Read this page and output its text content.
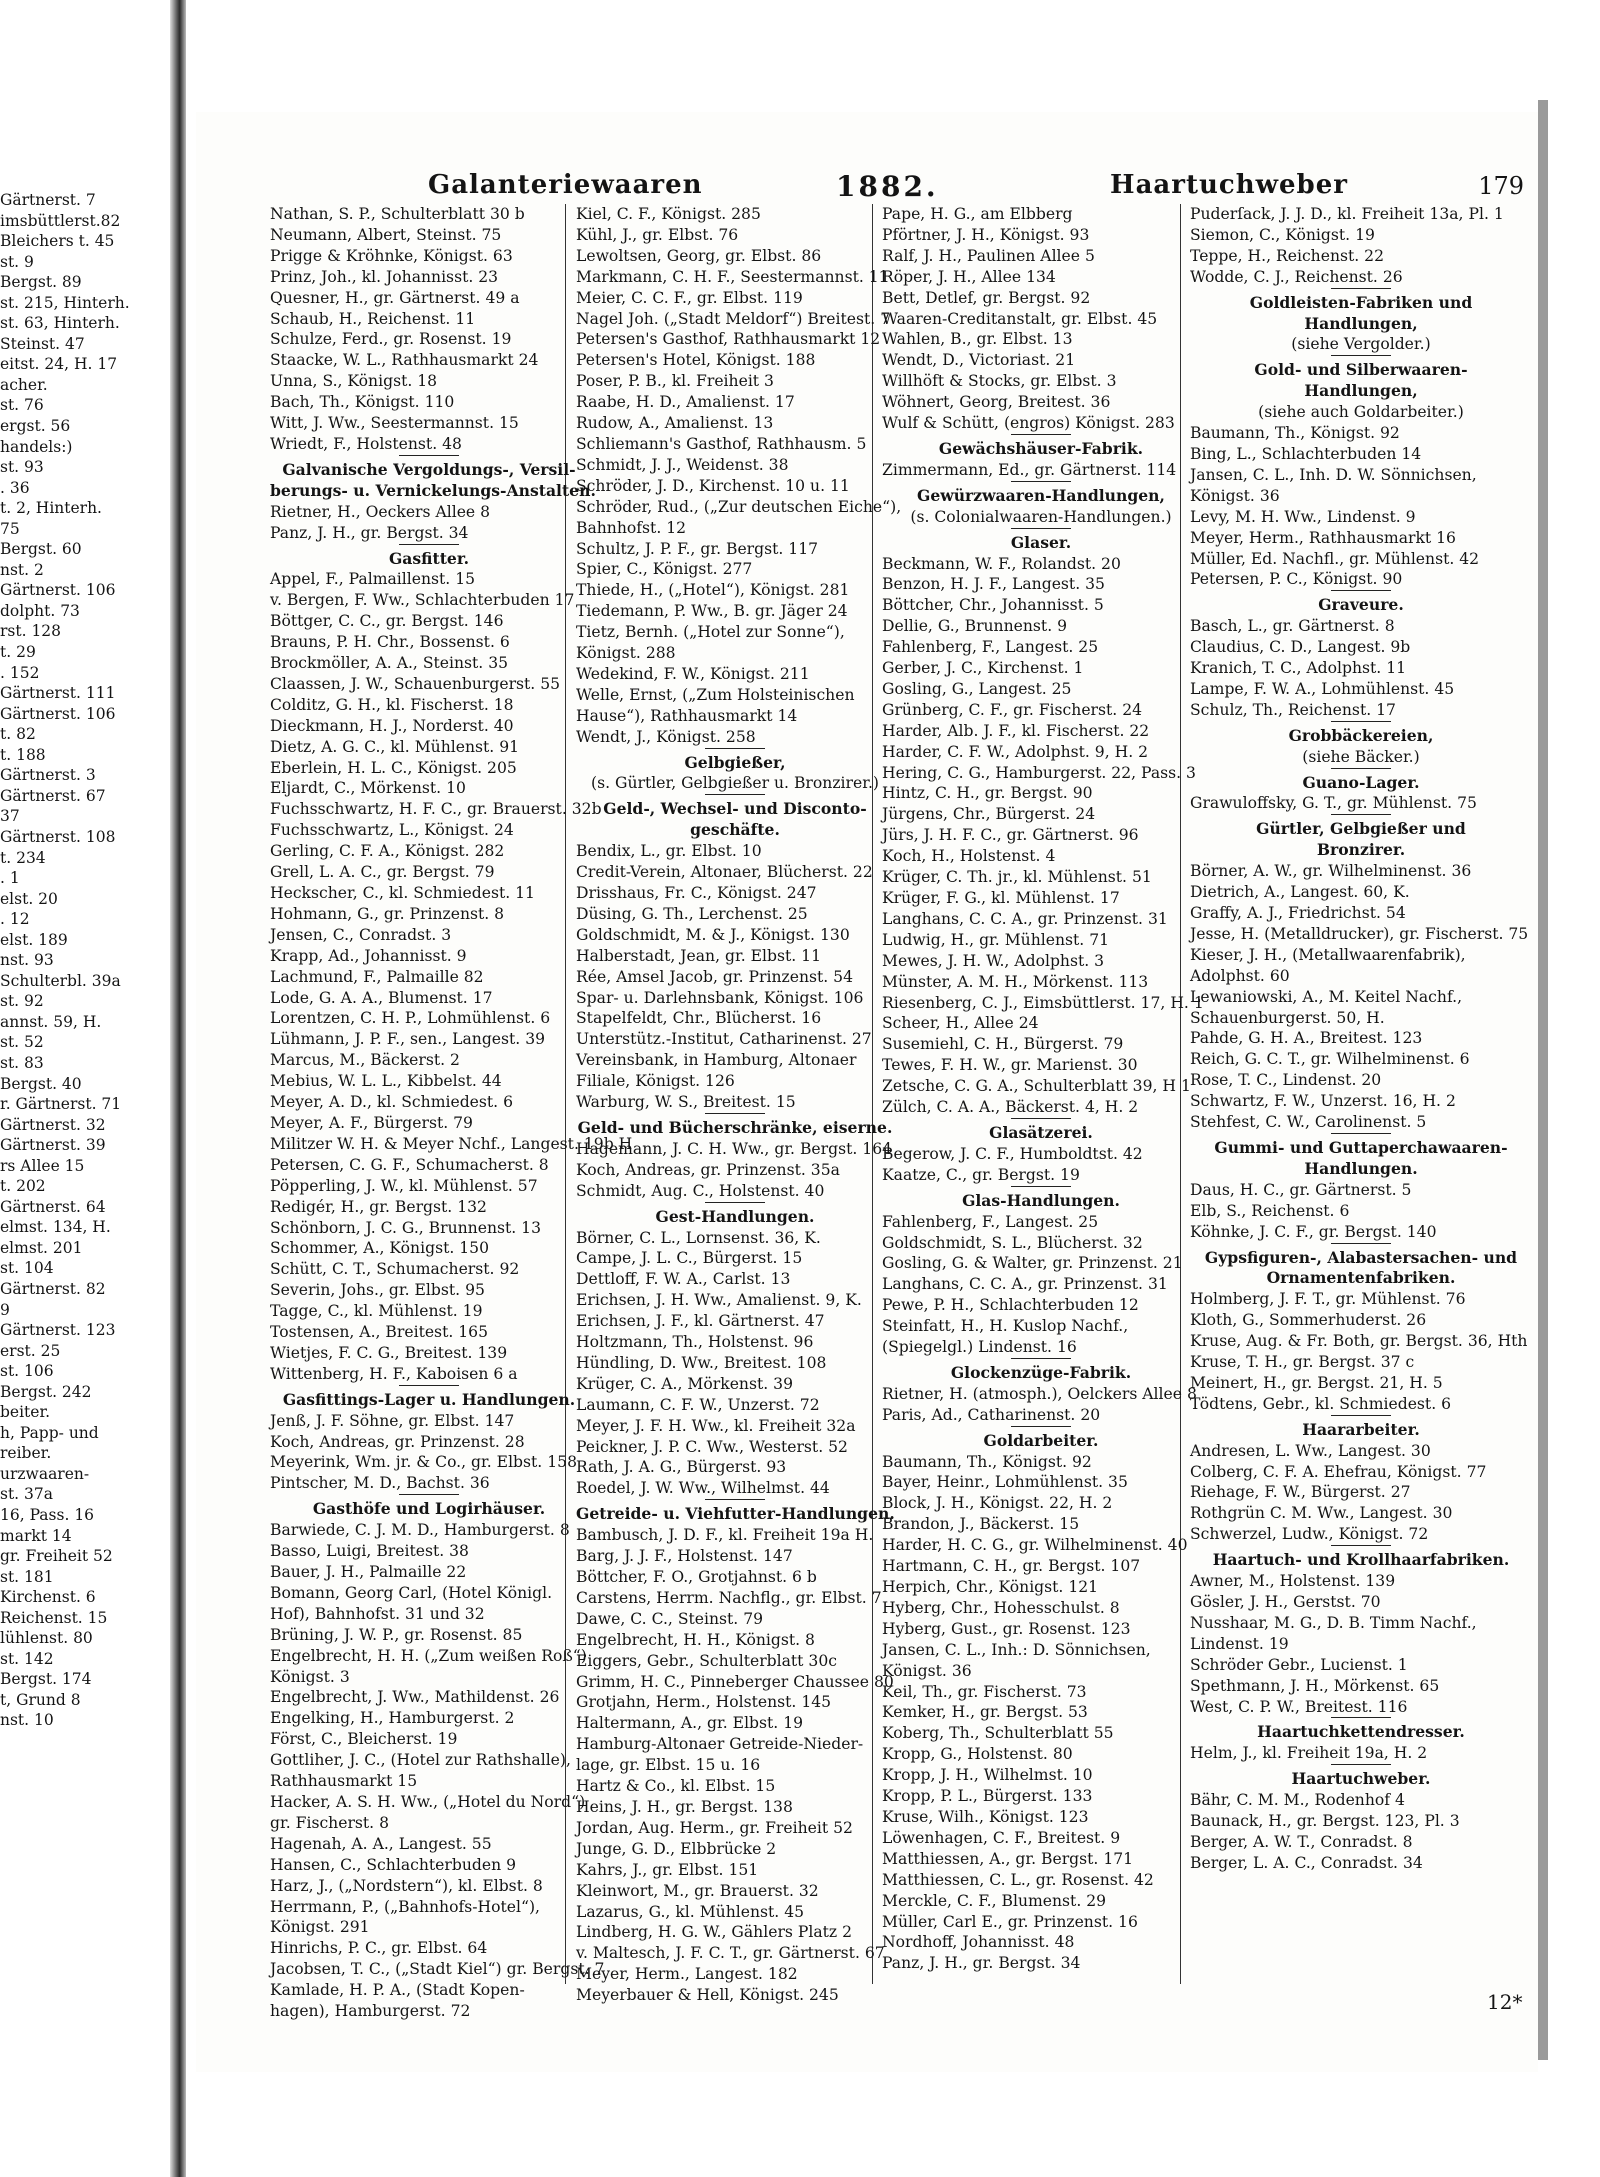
Gärtnerst. 7
imsbüttlerst.82
Bleichers t. 45
st. 9
Bergst. 89
st. 215, Hinterh.
st. 63, Hinterh.
Steinst. 47
eitst. 24, H. 17
acher.
st. 76
ergst. 56
handels:)
st. 93
. 36
t. 2, Hinterh.
75
Bergst. 60
nst. 2
Gärtnerst. 106
dolpht. 73
rst. 128
t. 29
. 152
Gärtnerst. 111
Gärtnerst. 106
t. 82
t. 188
Gärtnerst. 3
Gärtnerst. 67
37
Gärtnerst. 108
t. 234
. 1
elst. 20
. 12
elst. 189
nst. 93
Schulterbl. 39a
st. 92
annst. 59, H.
st. 52
st. 83
Bergst. 40
r. Gärtnerst. 71
Gärtnerst. 32
Gärtnerst. 39
rs Allee 15
t. 202
Gärtnerst. 64
elmst. 134, H.
elmst. 201
st. 104
Gärtnerst. 82
9
Gärtnerst. 123
erst. 25
st. 106
Bergst. 242
beiter.
h, Papp- und
reiber.
urzwaaren-
st. 37a
16, Pass. 16
markt 14
gr. Freiheit 52
st. 181
Kirchenst. 6
Reichenst. 15
lühlenst. 80
st. 142
Bergst. 174
t, Grund 8
nst. 10
Galanteriewaaren	1882.	Haartuchweber	179
Nathan, S. P., Schulterblatt 30 b
Neumann, Albert, Steinst. 75
Prigge & Kröhnke, Königst. 63
Prinz, Joh., kl. Johannisst. 23
Quesner, H., gr. Gärtnerst. 49 a
Schaub, H., Reichenst. 11
Schulze, Ferd., gr. Rosenst. 19
Staacke, W. L., Rathhausmarkt 24
Unna, S., Königst. 18
Bach, Th., Königst. 110
Witt, J. Ww., Seestermannst. 15
Wriedt, F., Holstenst. 48
Galvanische Vergoldungs-, Versil-
berungs- u. Vernickelungs-Anstalten.
Rietner, H., Oeckers Allee 8
Panz, J. H., gr. Bergst. 34
Gasfitter.
Appel, F., Palmaillenst. 15
v. Bergen, F. Ww., Schlachterbuden 17
Böttger, C. C., gr. Bergst. 146
Brauns, P. H. Chr., Bossenst. 6
Brockmöller, A. A., Steinst. 35
Claassen, J. W., Schauenburgerst. 55
Colditz, G. H., kl. Fischerst. 18
Dieckmann, H. J., Norderst. 40
Dietz, A. G. C., kl. Mühlenst. 91
Eberlein, H. L. C., Königst. 205
Eljardt, C., Mörkenst. 10
Fuchsschwartz, H. F. C., gr. Brauerst. 32b
Fuchsschwartz, L., Königst. 24
Gerling, C. F. A., Königst. 282
Grell, L. A. C., gr. Bergst. 79
Heckscher, C., kl. Schmiedest. 11
Hohmann, G., gr. Prinzenst. 8
Jensen, C., Conradst. 3
Krapp, Ad., Johannisst. 9
Lachmund, F., Palmaille 82
Lode, G. A. A., Blumenst. 17
Lorentzen, C. H. P., Lohmühlenst. 6
Lühmann, J. P. F., sen., Langest. 39
Marcus, M., Bäckerst. 2
Mebius, W. L. L., Kibbelst. 44
Meyer, A. D., kl. Schmiedest. 6
Meyer, A. F., Bürgerst. 79
Militzer W. H. & Meyer Nchf., Langest. 19b H
Petersen, C. G. F., Schumacherst. 8
Pöpperling, J. W., kl. Mühlenst. 57
Redigér, H., gr. Bergst. 132
Schönborn, J. C. G., Brunnenst. 13
Schommer, A., Königst. 150
Schütt, C. T., Schumacherst. 92
Severin, Johs., gr. Elbst. 95
Tagge, C., kl. Mühlenst. 19
Tostensen, A., Breitest. 165
Wietjes, F. C. G., Breitest. 139
Wittenberg, H. F., Kaboisen 6 a
Gasfittings-Lager u. Handlungen.
Jenß, J. F. Söhne, gr. Elbst. 147
Koch, Andreas, gr. Prinzenst. 28
Meyerink, Wm. jr. & Co., gr. Elbst. 158
Pintscher, M. D., Bachst. 36
Gasthöfe und Logirhäuser.
Barwiede, C. J. M. D., Hamburgerst. 8
Basso, Luigi, Breitest. 38
Bauer, J. H., Palmaille 22
Bomann, Georg Carl, (Hotel Königl.
Hof), Bahnhofst. 31 und 32
Brüning, J. W. P., gr. Rosenst. 85
Engelbrecht, H. H. („Zum weißen Roß“)
Königst. 3
Engelbrecht, J. Ww., Mathildenst. 26
Engelking, H., Hamburgerst. 2
Först, C., Bleicherst. 19
Gottliher, J. C., (Hotel zur Rathshalle),
Rathhausmarkt 15
Hacker, A. S. H. Ww., („Hotel du Nord“)
gr. Fischerst. 8
Hagenah, A. A., Langest. 55
Hansen, C., Schlachterbuden 9
Harz, J., („Nordstern“), kl. Elbst. 8
Herrmann, P., („Bahnhofs-Hotel“),
Königst. 291
Hinrichs, P. C., gr. Elbst. 64
Jacobsen, T. C., („Stadt Kiel“) gr. Bergst. 7
Kamlade, H. P. A., (Stadt Kopen-
hagen), Hamburgerst. 72
Kiel, C. F., Königst. 285
Kühl, J., gr. Elbst. 76
Lewoltsen, Georg, gr. Elbst. 86
Markmann, C. H. F., Seestermannst. 11
Meier, C. C. F., gr. Elbst. 119
Nagel Joh. („Stadt Meldorf“) Breitest. 7
Petersen's Gasthof, Rathhausmarkt 12
Petersen's Hotel, Königst. 188
Poser, P. B., kl. Freiheit 3
Raabe, H. D., Amalienst. 17
Rudow, A., Amalienst. 13
Schliemann's Gasthof, Rathhausm. 5
Schmidt, J. J., Weidenst. 38
Schröder, J. D., Kirchenst. 10 u. 11
Schröder, Rud., („Zur deutschen Eiche“),
Bahnhofst. 12
Schultz, J. P. F., gr. Bergst. 117
Spier, C., Königst. 277
Thiede, H., („Hotel“), Königst. 281
Tiedemann, P. Ww., B. gr. Jäger 24
Tietz, Bernh. („Hotel zur Sonne“),
Königst. 288
Wedekind, F. W., Königst. 211
Welle, Ernst, („Zum Holsteinischen
Hause“), Rathhausmarkt 14
Wendt, J., Königst. 258
Gelbgießer,
(s. Gürtler, Gelbgießer u. Bronzirer.)
Geld-, Wechsel- und Disconto-
geschäfte.
Bendix, L., gr. Elbst. 10
Credit-Verein, Altonaer, Blücherst. 22
Drisshaus, Fr. C., Königst. 247
Düsing, G. Th., Lerchenst. 25
Goldschmidt, M. & J., Königst. 130
Halberstadt, Jean, gr. Elbst. 11
Rée, Amsel Jacob, gr. Prinzenst. 54
Spar- u. Darlehnsbank, Königst. 106
Stapelfeldt, Chr., Blücherst. 16
Unterstütz.-Institut, Catharinenst. 27
Vereinsbank, in Hamburg, Altonaer
Filiale, Königst. 126
Warburg, W. S., Breitest. 15
Geld- und Bücherschränke, eiserne.
Hagemann, J. C. H. Ww., gr. Bergst. 164
Koch, Andreas, gr. Prinzenst. 35a
Schmidt, Aug. C., Holstenst. 40
Gest-Handlungen.
Börner, C. L., Lornsenst. 36, K.
Campe, J. L. C., Bürgerst. 15
Dettloff, F. W. A., Carlst. 13
Erichsen, J. H. Ww., Amalienst. 9, K.
Erichsen, J. F., kl. Gärtnerst. 47
Holtzmann, Th., Holstenst. 96
Hündling, D. Ww., Breitest. 108
Krüger, C. A., Mörkenst. 39
Laumann, C. F. W., Unzerst. 72
Meyer, J. F. H. Ww., kl. Freiheit 32a
Peickner, J. P. C. Ww., Westerst. 52
Rath, J. A. G., Bürgerst. 93
Roedel, J. W. Ww., Wilhelmst. 44
Getreide- u. Viehfutter-Handlungen.
Bambusch, J. D. F., kl. Freiheit 19a H.
Barg, J. J. F., Holstenst. 147
Böttcher, F. O., Grotjahnst. 6 b
Carstens, Herrm. Nachflg., gr. Elbst. 7
Dawe, C. C., Steinst. 79
Engelbrecht, H. H., Königst. 8
Eiggers, Gebr., Schulterblatt 30c
Grimm, H. C., Pinneberger Chaussee 80
Grotjahn, Herm., Holstenst. 145
Haltermann, A., gr. Elbst. 19
Hamburg-Altonaer Getreide-Nieder-
lage, gr. Elbst. 15 u. 16
Hartz & Co., kl. Elbst. 15
Heins, J. H., gr. Bergst. 138
Jordan, Aug. Herm., gr. Freiheit 52
Junge, G. D., Elbbrücke 2
Kahrs, J., gr. Elbst. 151
Kleinwort, M., gr. Brauerst. 32
Lazarus, G., kl. Mühlenst. 45
Lindberg, H. G. W., Gählers Platz 2
v. Maltesch, J. F. C. T., gr. Gärtnerst. 67
Meyer, Herm., Langest. 182
Meyerbauer & Hell, Königst. 245
Pape, H. G., am Elbberg
Pförtner, J. H., Königst. 93
Ralf, J. H., Paulinen Allee 5
Röper, J. H., Allee 134
Bett, Detlef, gr. Bergst. 92
Waaren-Creditanstalt, gr. Elbst. 45
Wahlen, B., gr. Elbst. 13
Wendt, D., Victoriast. 21
Willhöft & Stocks, gr. Elbst. 3
Wöhnert, Georg, Breitest. 36
Wulf & Schütt, (engros) Königst. 283
Gewächshäuser-Fabrik.
Zimmermann, Ed., gr. Gärtnerst. 114
Gewürzwaaren-Handlungen,
(s. Colonialwaaren-Handlungen.)
Glaser.
Beckmann, W. F., Rolandst. 20
Benzon, H. J. F., Langest. 35
Böttcher, Chr., Johannisst. 5
Dellie, G., Brunnenst. 9
Fahlenberg, F., Langest. 25
Gerber, J. C., Kirchenst. 1
Gosling, G., Langest. 25
Grünberg, C. F., gr. Fischerst. 24
Harder, Alb. J. F., kl. Fischerst. 22
Harder, C. F. W., Adolphst. 9, H. 2
Hering, C. G., Hamburgerst. 22, Pass. 3
Hintz, C. H., gr. Bergst. 90
Jürgens, Chr., Bürgerst. 24
Jürs, J. H. F. C., gr. Gärtnerst. 96
Koch, H., Holstenst. 4
Krüger, C. Th. jr., kl. Mühlenst. 51
Krüger, F. G., kl. Mühlenst. 17
Langhans, C. C. A., gr. Prinzenst. 31
Ludwig, H., gr. Mühlenst. 71
Mewes, J. H. W., Adolphst. 3
Münster, A. M. H., Mörkenst. 113
Riesenberg, C. J., Eimsbüttlerst. 17, H. 1
Scheer, H., Allee 24
Susemiehl, C. H., Bürgerst. 79
Tewes, F. H. W., gr. Marienst. 30
Zetsche, C. G. A., Schulterblatt 39, H 1
Zülch, C. A. A., Bäckerst. 4, H. 2
Glasätzerei.
Begerow, J. C. F., Humboldtst. 42
Kaatze, C., gr. Bergst. 19
Glas-Handlungen.
Fahlenberg, F., Langest. 25
Goldschmidt, S. L., Blücherst. 32
Gosling, G. & Walter, gr. Prinzenst. 21
Langhans, C. C. A., gr. Prinzenst. 31
Pewe, P. H., Schlachterbuden 12
Steinfatt, H., H. Kuslop Nachf.,
(Spiegelgl.) Lindenst. 16
Glockenzüge-Fabrik.
Rietner, H. (atmosph.), Oelckers Allee 8
Paris, Ad., Catharinenst. 20
Goldarbeiter.
Baumann, Th., Königst. 92
Bayer, Heinr., Lohmühlenst. 35
Block, J. H., Königst. 22, H. 2
Brandon, J., Bäckerst. 15
Harder, H. C. G., gr. Wilhelminenst. 40
Hartmann, C. H., gr. Bergst. 107
Herpich, Chr., Königst. 121
Hyberg, Chr., Hohesschulst. 8
Hyberg, Gust., gr. Rosenst. 123
Jansen, C. L., Inh.: D. Sönnichsen,
Königst. 36
Keil, Th., gr. Fischerst. 73
Kemker, H., gr. Bergst. 53
Koberg, Th., Schulterblatt 55
Kropp, G., Holstenst. 80
Kropp, J. H., Wilhelmst. 10
Kropp, P. L., Bürgerst. 133
Kruse, Wilh., Königst. 123
Löwenhagen, C. F., Breitest. 9
Matthiessen, A., gr. Bergst. 171
Matthiessen, C. L., gr. Rosenst. 42
Merckle, C. F., Blumenst. 29
Müller, Carl E., gr. Prinzenst. 16
Nordhoff, Johannisst. 48
Panz, J. H., gr. Bergst. 34
Puderſack, J. J. D., kl. Freiheit 13a, Pl. 1
Siemon, C., Königst. 19
Teppe, H., Reichenst. 22
Wodde, C. J., Reichenst. 26
Goldleisten-Fabriken und
Handlungen,
(siehe Vergolder.)
Gold- und Silberwaaren-
Handlungen,
(siehe auch Goldarbeiter.)
Baumann, Th., Königst. 92
Bing, L., Schlachterbuden 14
Jansen, C. L., Inh. D. W. Sönnichsen,
Königst. 36
Levy, M. H. Ww., Lindenst. 9
Meyer, Herm., Rathhausmarkt 16
Müller, Ed. Nachfl., gr. Mühlenst. 42
Petersen, P. C., Königst. 90
Graveure.
Basch, L., gr. Gärtnerst. 8
Claudius, C. D., Langest. 9b
Kranich, T. C., Adolphst. 11
Lampe, F. W. A., Lohmühlenst. 45
Schulz, Th., Reichenst. 17
Grobbäckereien,
(siehe Bäcker.)
Guano-Lager.
Grawuloffsky, G. T., gr. Mühlenst. 75
Gürtler, Gelbgießer und
Bronzirer.
Börner, A. W., gr. Wilhelminenst. 36
Dietrich, A., Langest. 60, K.
Graffy, A. J., Friedrichst. 54
Jesse, H. (Metalldrucker), gr. Fischerst. 75
Kieser, J. H., (Metallwaarenfabrik),
Adolphst. 60
Lewaniowski, A., M. Keitel Nachf.,
Schauenburgerst. 50, H.
Pahde, G. H. A., Breitest. 123
Reich, G. C. T., gr. Wilhelminenst. 6
Rose, T. C., Lindenst. 20
Schwartz, F. W., Unzerst. 16, H. 2
Stehfest, C. W., Carolinenst. 5
Gummi- und Guttaperchawaaren-
Handlungen.
Daus, H. C., gr. Gärtnerst. 5
Elb, S., Reichenst. 6
Köhnke, J. C. F., gr. Bergst. 140
Gypsfiguren-, Alabastersachen- und
Ornamentenfabriken.
Holmberg, J. F. T., gr. Mühlenst. 76
Kloth, G., Sommerhuderst. 26
Kruse, Aug. & Fr. Both, gr. Bergst. 36, Hth
Kruse, T. H., gr. Bergst. 37 c
Meinert, H., gr. Bergst. 21, H. 5
Tödtens, Gebr., kl. Schmiedest. 6
Haararbeiter.
Andresen, L. Ww., Langest. 30
Colberg, C. F. A. Ehefrau, Königst. 77
Riehage, F. W., Bürgerst. 27
Rothgrün C. M. Ww., Langest. 30
Schwerzel, Ludw., Königst. 72
Haartuch- und Krollhaarfabriken.
Awner, M., Holstenst. 139
Gösler, J. H., Gerstst. 70
Nusshaar, M. G., D. B. Timm Nachf.,
Lindenst. 19
Schröder Gebr., Lucienst. 1
Spethmann, J. H., Mörkenst. 65
West, C. P. W., Breitest. 116
Haartuchkettendresser.
Helm, J., kl. Freiheit 19a, H. 2
Haartuchweber.
Bähr, C. M. M., Rodenhof 4
Baunack, H., gr. Bergst. 123, Pl. 3
Berger, A. W. T., Conradst. 8
Berger, L. A. C., Conradst. 34
12*
